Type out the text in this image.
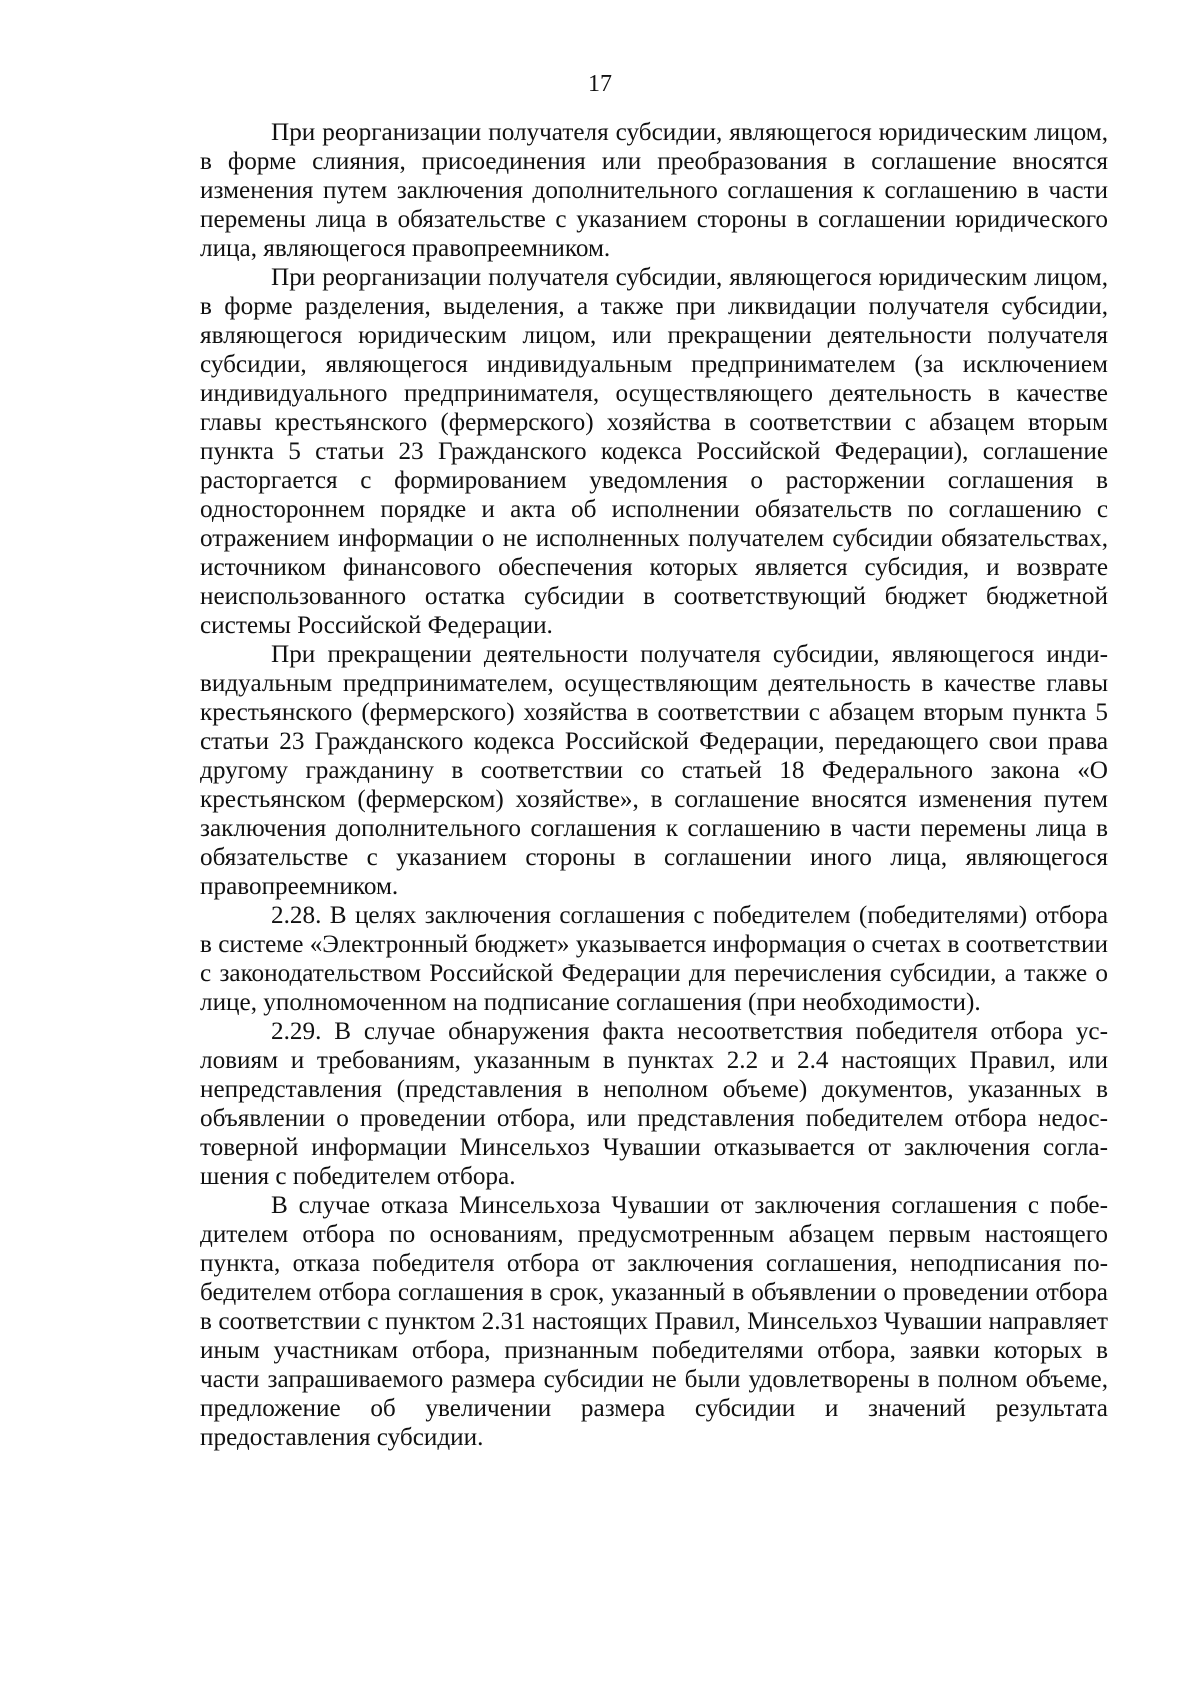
17

При реорганизации получателя субсидии, являющегося юридическим лицом, в форме слияния, присоединения или преобразования в соглашение вносятся изменения путем заключения дополнительного соглашения к соглашению в части перемены лица в обязательстве с указанием стороны в соглашении юридического лица, являющегося правопреемником.

При реорганизации получателя субсидии, являющегося юридическим лицом, в форме разделения, выделения, а также при ликвидации получателя субсидии, являющегося юридическим лицом, или прекращении деятельности получателя субсидии, являющегося индивидуальным предпринимателем (за исключением индивидуального предпринимателя, осуществляющего деятельность в качестве главы крестьянского (фермерского) хозяйства в соответствии с абзацем вторым пункта 5 статьи 23 Гражданского кодекса Российской Федерации), соглашение расторгается с формированием уведомления о расторжении соглашения в одностороннем порядке и акта об исполнении обязательств по соглашению с отражением информации о не исполненных получателем субсидии обязательствах, источником финансового обеспечения которых является субсидия, и возврате неиспользованного остатка субсидии в соответствующий бюджет бюджетной системы Российской Федерации.

При прекращении деятельности получателя субсидии, являющегося индивидуальным предпринимателем, осуществляющим деятельность в качестве главы крестьянского (фермерского) хозяйства в соответствии с абзацем вторым пункта 5 статьи 23 Гражданского кодекса Российской Федерации, передающего свои права другому гражданину в соответствии со статьей 18 Федерального закона «О крестьянском (фермерском) хозяйстве», в соглашение вносятся изменения путем заключения дополнительного соглашения к соглашению в части перемены лица в обязательстве с указанием стороны в соглашении иного лица, являющегося правопреемником.

2.28. В целях заключения соглашения с победителем (победителями) отбора в системе «Электронный бюджет» указывается информация о счетах в соответствии с законодательством Российской Федерации для перечисления субсидии, а также о лице, уполномоченном на подписание соглашения (при необходимости).

2.29. В случае обнаружения факта несоответствия победителя отбора условиям и требованиям, указанным в пунктах 2.2 и 2.4 настоящих Правил, или непредставления (представления в неполном объеме) документов, указанных в объявлении о проведении отбора, или представления победителем отбора недостоверной информации Минсельхоз Чувашии отказывается от заключения соглашения с победителем отбора.

В случае отказа Минсельхоза Чувашии от заключения соглашения с победителем отбора по основаниям, предусмотренным абзацем первым настоящего пункта, отказа победителя отбора от заключения соглашения, неподписания победителем отбора соглашения в срок, указанный в объявлении о проведении отбора в соответствии с пунктом 2.31 настоящих Правил, Минсельхоз Чувашии направляет иным участникам отбора, признанным победителями отбора, заявки которых в части запрашиваемого размера субсидии не были удовлетворены в полном объеме, предложение об увеличении размера субсидии и значений результата предоставления субсидии.
